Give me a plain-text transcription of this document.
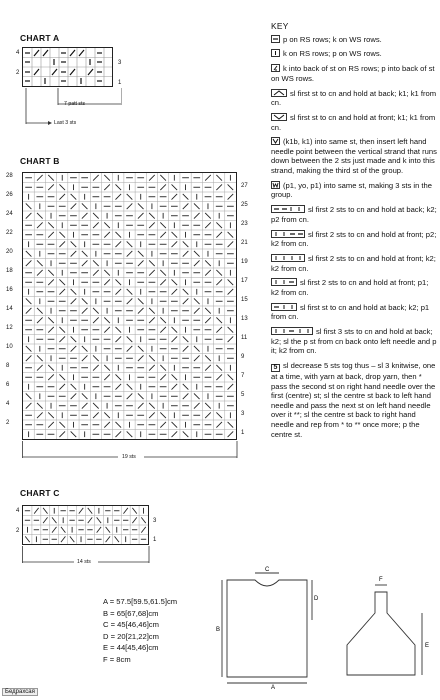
CHART A
4
2
3
1
7 patt sts
Last 3 sts
CHART B
28
26
24
22
20
18
16
14
12
10
8
6
4
2
27
25
23
21
19
17
15
13
11
9
7
5
3
1
19 sts
CHART C
4
2
3
1
14 sts
KEY
p on RS rows; k on WS rows.
k on RS rows; p on WS rows.
k into back of st on RS rows; p into back of st on WS rows.
sl first st to cn and hold at back; k1; k1 from cn.
sl first st to cn and hold at front; k1; k1 from cn.
(k1b, k1) into same st, then insert left hand needle point between the vertical strand that runs down between the 2 sts just made and k into this strand, making the third st of the group.
(p1, yo, p1) into same st, making 3 sts in the group.
sl first 2 sts to cn and hold at back; k2; p2 from cn.
sl first 2 sts to cn and hold at front; p2; k2 from cn.
sl first 2 sts to cn and hold at front; k2; k2 from cn.
sl first 2 sts to cn and hold at front; p1; k2 from cn.
sl first st to cn and hold at back; k2; p1 from cn.
sl first 3 sts to cn and hold at back; k2; sl the p st from cn back onto left needle and p it; k2 from cn.
5 sl decrease 5 sts tog thus – sl 3 knitwise, one at a time, with yarn at back, drop yarn, then * pass the second st on right hand needle over the first (centre) st; sl the centre st back to left hand needle and pass the next st on left hand needle over it **; sl the centre st back to right hand needle and rep from * to ** once more; p the centre st.
A = 57.5[59.5,61.5]cm
B = 65[67,68]cm
C = 45[46,46]cm
D = 20[21,22]cm
E = 44[45,46]cm
F = 8cm
D
B
A
C
F
E
Бедрахсая
